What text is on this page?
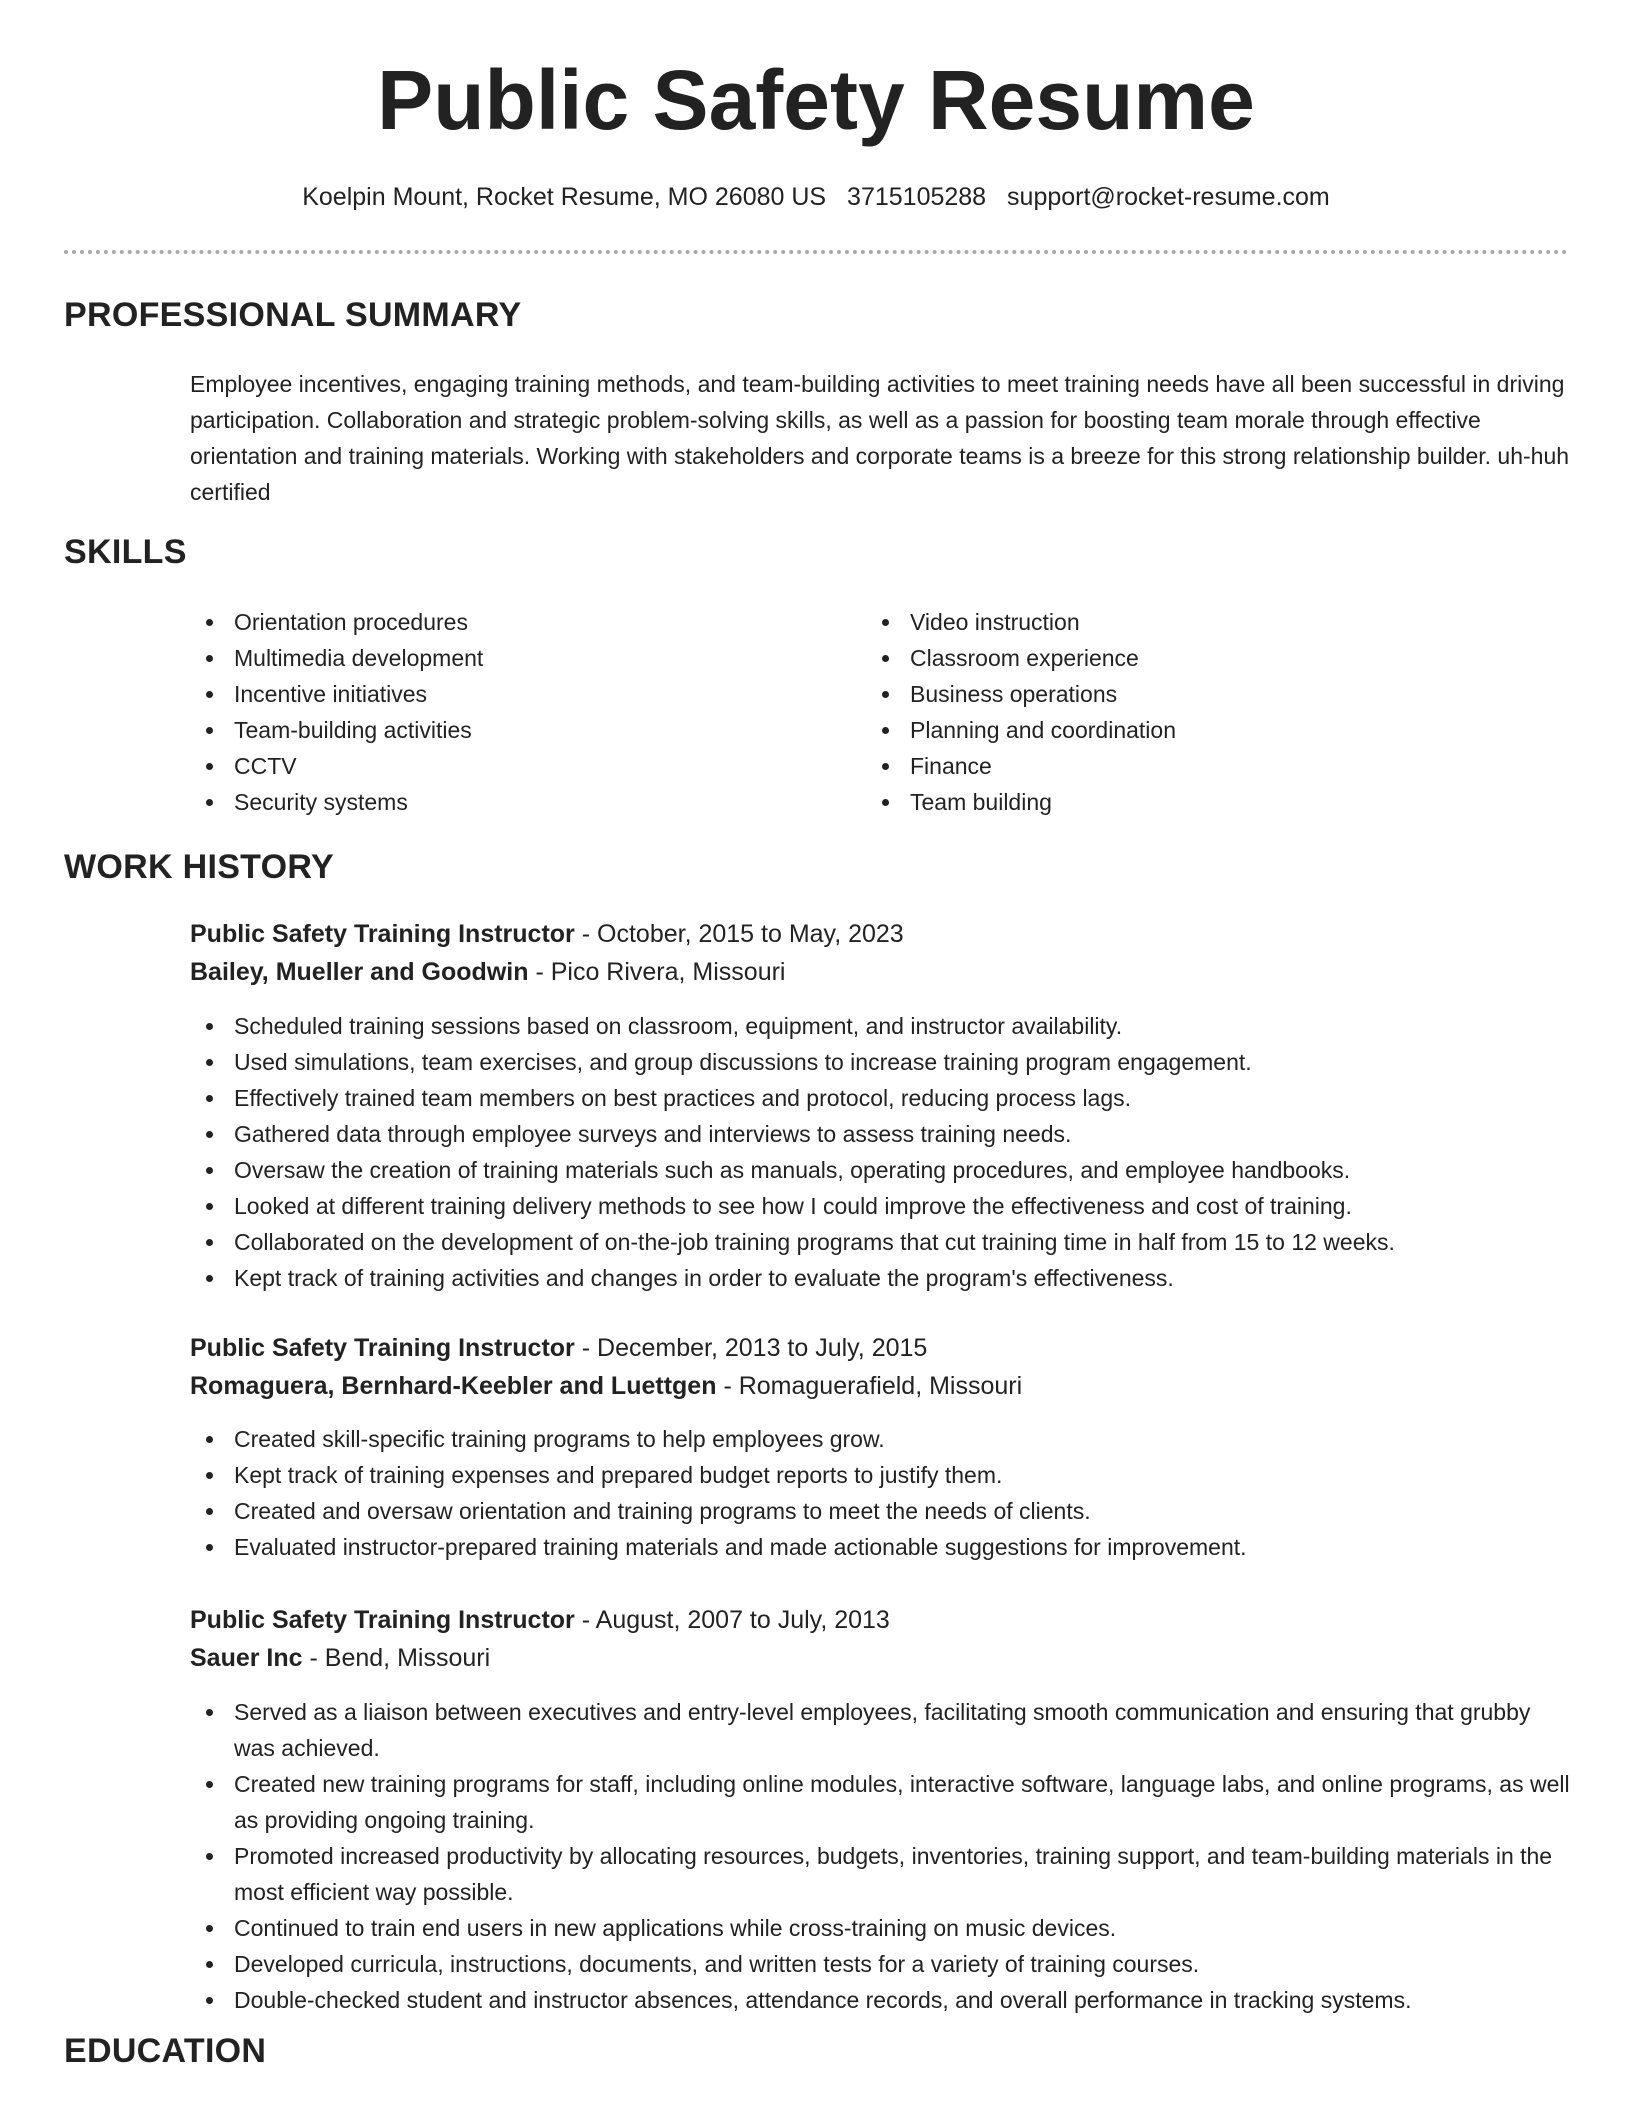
Public Safety Resume
Koelpin Mount, Rocket Resume, MO 26080 US 3715105288 support@rocket-resume.com
PROFESSIONAL SUMMARY
Employee incentives, engaging training methods, and team-building activities to meet training needs have all been successful in driving participation. Collaboration and strategic problem-solving skills, as well as a passion for boosting team morale through effective orientation and training materials. Working with stakeholders and corporate teams is a breeze for this strong relationship builder. uh-huh certified
SKILLS
Orientation procedures
Multimedia development
Incentive initiatives
Team-building activities
CCTV
Security systems
Video instruction
Classroom experience
Business operations
Planning and coordination
Finance
Team building
WORK HISTORY
Public Safety Training Instructor - October, 2015 to May, 2023
Bailey, Mueller and Goodwin - Pico Rivera, Missouri
Scheduled training sessions based on classroom, equipment, and instructor availability.
Used simulations, team exercises, and group discussions to increase training program engagement.
Effectively trained team members on best practices and protocol, reducing process lags.
Gathered data through employee surveys and interviews to assess training needs.
Oversaw the creation of training materials such as manuals, operating procedures, and employee handbooks.
Looked at different training delivery methods to see how I could improve the effectiveness and cost of training.
Collaborated on the development of on-the-job training programs that cut training time in half from 15 to 12 weeks.
Kept track of training activities and changes in order to evaluate the program's effectiveness.
Public Safety Training Instructor - December, 2013 to July, 2015
Romaguera, Bernhard-Keebler and Luettgen - Romaguerafield, Missouri
Created skill-specific training programs to help employees grow.
Kept track of training expenses and prepared budget reports to justify them.
Created and oversaw orientation and training programs to meet the needs of clients.
Evaluated instructor-prepared training materials and made actionable suggestions for improvement.
Public Safety Training Instructor - August, 2007 to July, 2013
Sauer Inc - Bend, Missouri
Served as a liaison between executives and entry-level employees, facilitating smooth communication and ensuring that grubby was achieved.
Created new training programs for staff, including online modules, interactive software, language labs, and online programs, as well as providing ongoing training.
Promoted increased productivity by allocating resources, budgets, inventories, training support, and team-building materials in the most efficient way possible.
Continued to train end users in new applications while cross-training on music devices.
Developed curricula, instructions, documents, and written tests for a variety of training courses.
Double-checked student and instructor absences, attendance records, and overall performance in tracking systems.
EDUCATION
